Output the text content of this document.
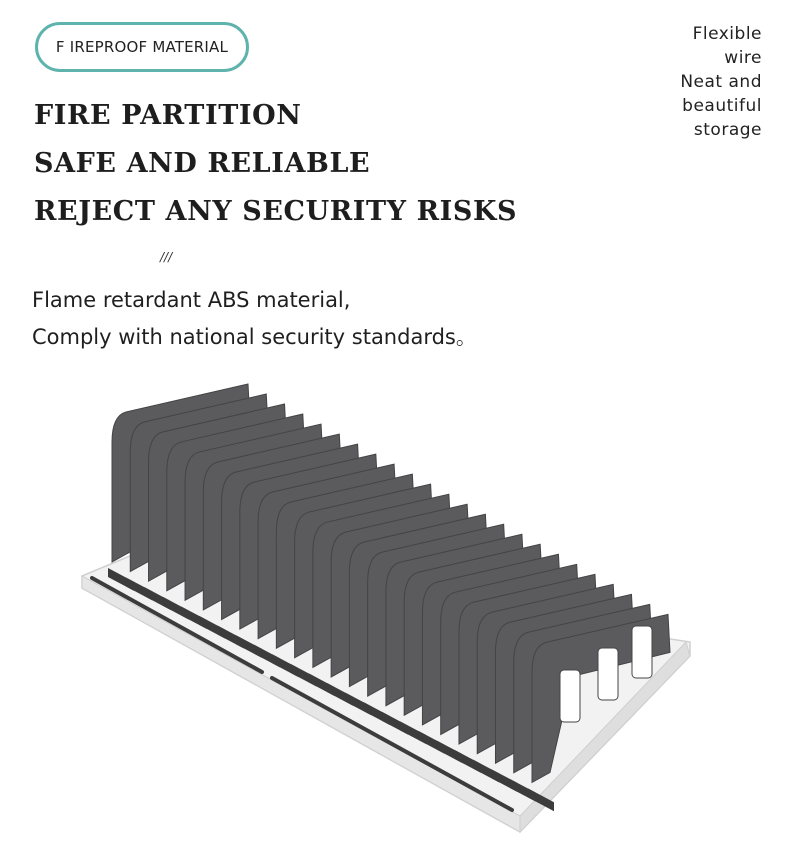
F IREPROOF MATERIAL
Flexible
wire
Neat and
beautiful
storage
FIRE PARTITION
SAFE AND RELIABLE
REJECT ANY SECURITY RISKS
///

Flame retardant ABS material,
Comply with national security standards。
